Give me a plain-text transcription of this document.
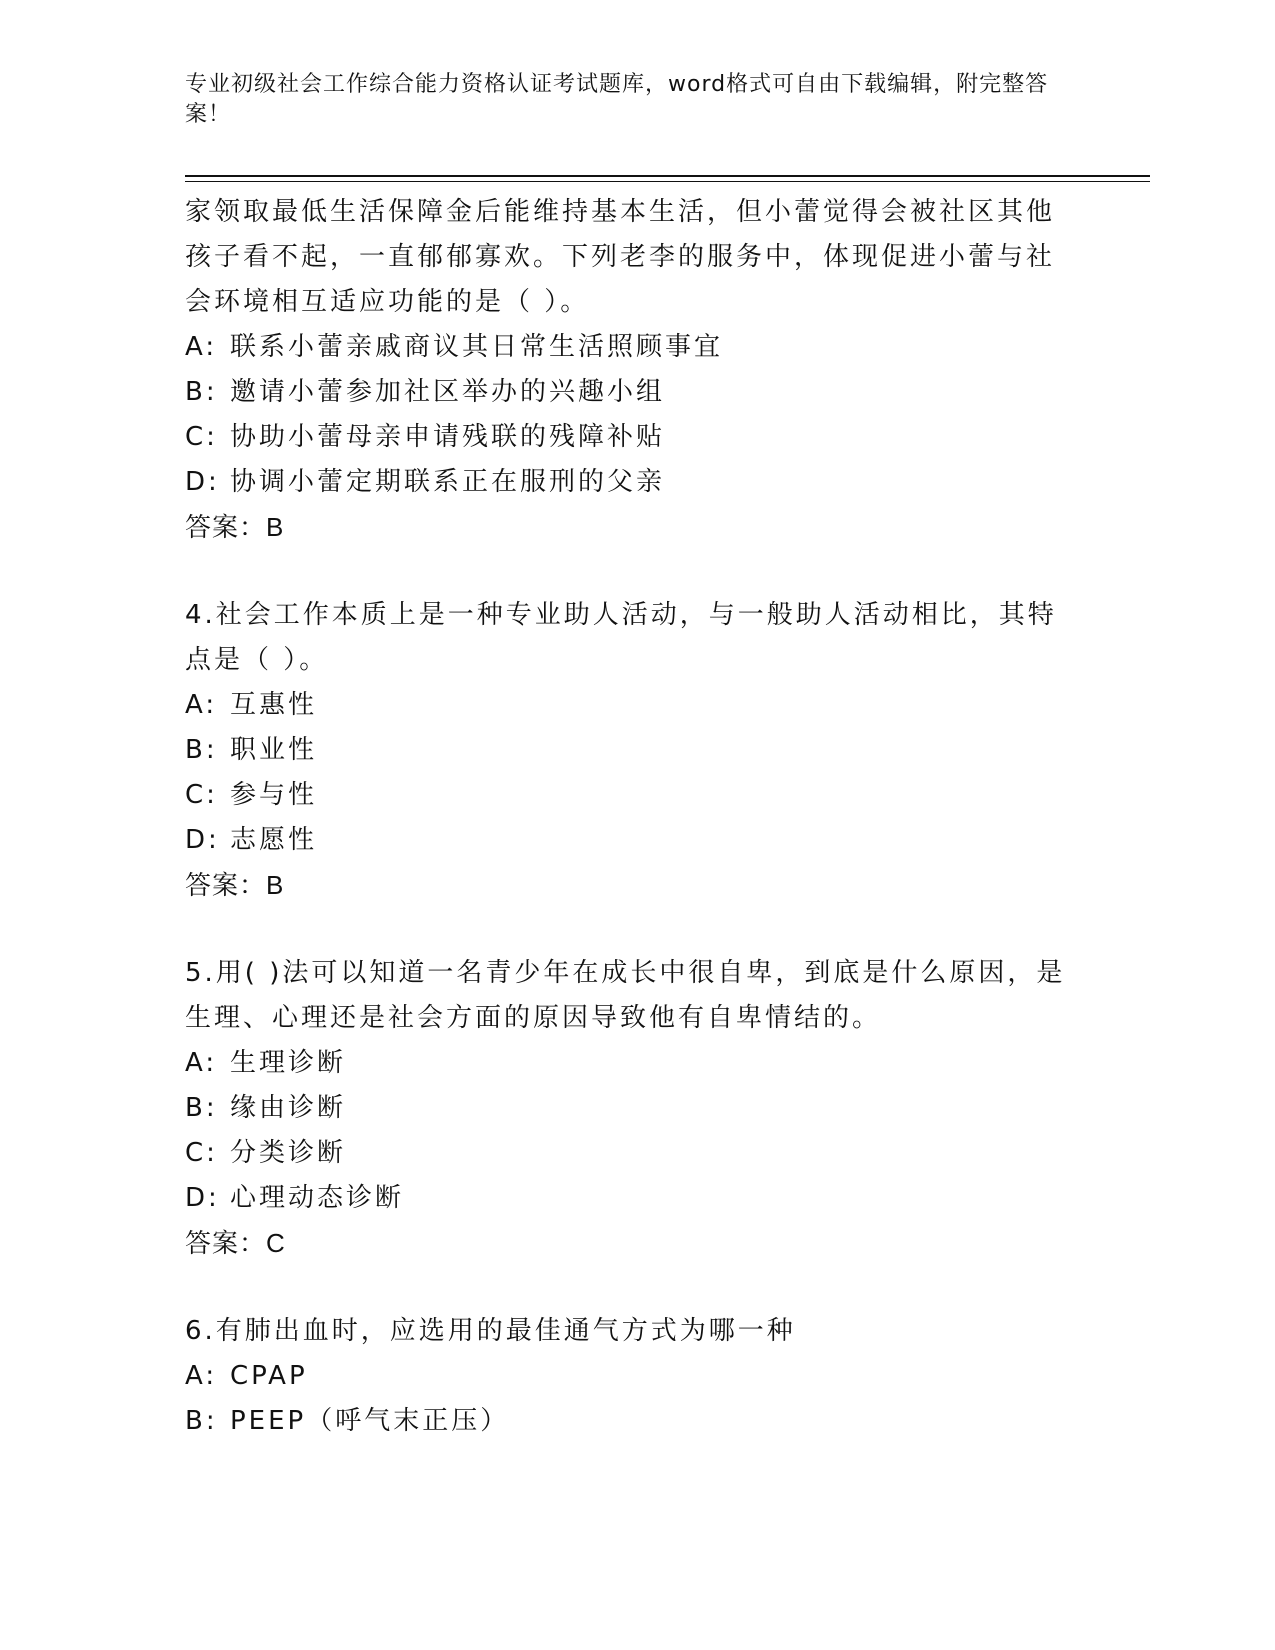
专业初级社会工作综合能力资格认证考试题库，word格式可自由下载编辑，附完整答案！
家领取最低生活保障金后能维持基本生活，但小蕾觉得会被社区其他
孩子看不起，一直郁郁寡欢。下列老李的服务中，体现促进小蕾与社
会环境相互适应功能的是（ ）。
A: 联系小蕾亲戚商议其日常生活照顾事宜
B: 邀请小蕾参加社区举办的兴趣小组
C: 协助小蕾母亲申请残联的残障补贴
D: 协调小蕾定期联系正在服刑的父亲
答案：B
4.社会工作本质上是一种专业助人活动，与一般助人活动相比，其特
点是（ ）。
A: 互惠性
B: 职业性
C: 参与性
D: 志愿性
答案：B
5.用( )法可以知道一名青少年在成长中很自卑，到底是什么原因，是
生理、心理还是社会方面的原因导致他有自卑情结的。
A: 生理诊断
B: 缘由诊断
C: 分类诊断
D: 心理动态诊断
答案：C
6.有肺出血时，应选用的最佳通气方式为哪一种
A: CPAP
B: PEEP（呼气末正压）
